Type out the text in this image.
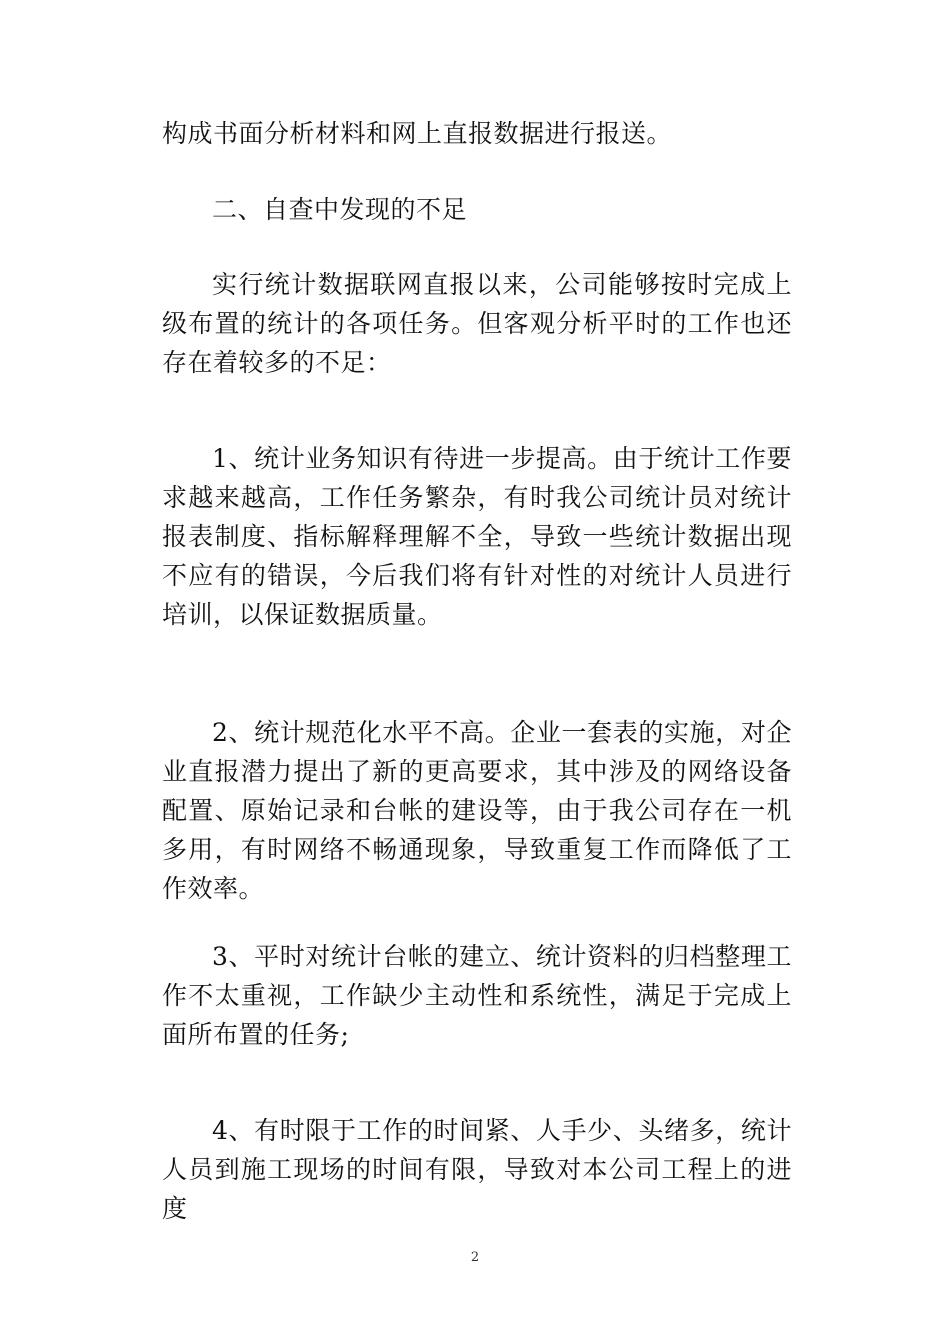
构成书面分析材料和网上直报数据进行报送。

二、自查中发现的不足

实行统计数据联网直报以来，公司能够按时完成上级布置的统计的各项任务。但客观分析平时的工作也还存在着较多的不足：

1、统计业务知识有待进一步提高。由于统计工作要求越来越高，工作任务繁杂，有时我公司统计员对统计报表制度、指标解释理解不全，导致一些统计数据出现不应有的错误，今后我们将有针对性的对统计人员进行培训，以保证数据质量。

2、统计规范化水平不高。企业一套表的实施，对企业直报潜力提出了新的更高要求，其中涉及的网络设备配置、原始记录和台帐的建设等，由于我公司存在一机多用，有时网络不畅通现象，导致重复工作而降低了工作效率。

3、平时对统计台帐的建立、统计资料的归档整理工作不太重视，工作缺少主动性和系统性，满足于完成上面所布置的任务;

4、有时限于工作的时间紧、人手少、头绪多，统计人员到施工现场的时间有限，导致对本公司工程上的进度

2
